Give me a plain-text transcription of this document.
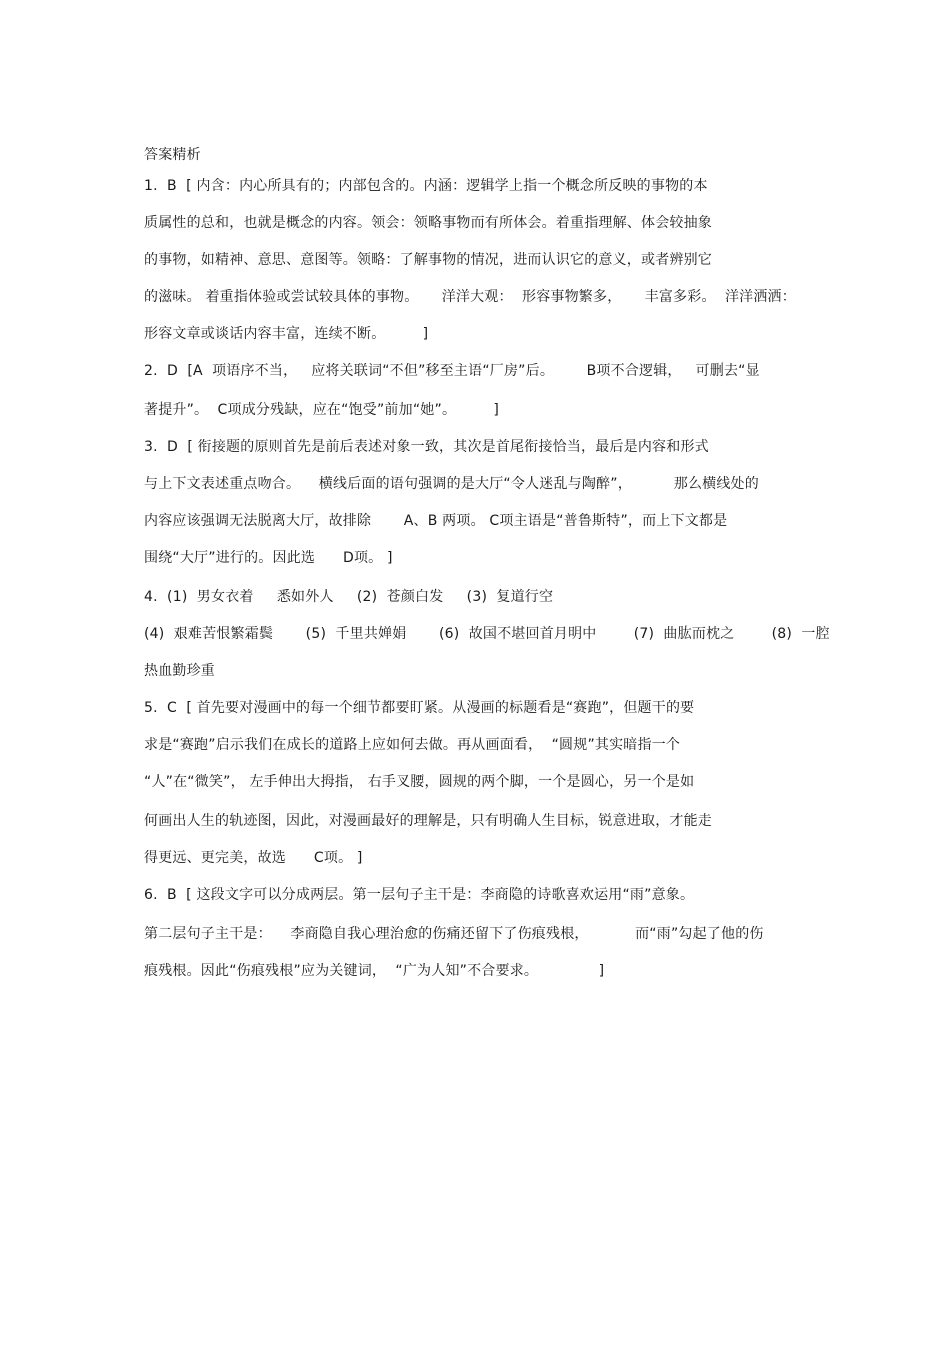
答案精析
1.  B  [ 内含：内心所具有的；内部包含的。内涵：逻辑学上指一个概念所反映的事物的本
质属性的总和，也就是概念的内容。领会：领略事物而有所体会。着重指理解、体会较抽象
的事物，如精神、意思、意图等。领略：了解事物的情况，进而认识它的意义，或者辨别它
的滋味。 着重指体验或尝试较具体的事物。     洋洋大观：  形容事物繁多，     丰富多彩。  洋洋洒洒：
形容文章或谈话内容丰富，连续不断。        ]
2.  D  [A  项语序不当，   应将关联词“不但”移至主语“厂房”后。       B项不合逻辑，   可删去“显
著提升”。  C项成分残缺，应在“饱受”前加“她”。        ]
3.  D  [ 衔接题的原则首先是前后表述对象一致，其次是首尾衔接恰当，最后是内容和形式
与上下文表述重点吻合。    横线后面的语句强调的是大厅“令人迷乱与陶醉”，         那么横线处的
内容应该强调无法脱离大厅，故排除       A、B 两项。 C项主语是“普鲁斯特”，而上下文都是
围绕“大厅”进行的。因此选      D项。 ]
4.  (1)  男女衣着     悉如外人     (2)  苍颜白发     (3)  复道行空
(4)  艰难苦恨繁霜鬓       (5)  千里共婵娟       (6)  故国不堪回首月明中        (7)  曲肱而枕之        (8)  一腔
热血勤珍重
5.  C  [ 首先要对漫画中的每一个细节都要盯紧。从漫画的标题看是“赛跑”，但题干的要
求是“赛跑”启示我们在成长的道路上应如何去做。再从画面看，  “圆规”其实暗指一个
“人”在“微笑”， 左手伸出大拇指， 右手叉腰，圆规的两个脚，一个是圆心，另一个是如
何画出人生的轨迹图，因此，对漫画最好的理解是，只有明确人生目标，锐意进取，才能走
得更远、更完美，故选      C项。 ]
6.  B  [ 这段文字可以分成两层。第一层句子主干是：李商隐的诗歌喜欢运用“雨”意象。
第二层句子主干是：    李商隐自我心理治愈的伤痛还留下了伤痕残根，          而“雨”勾起了他的伤
痕残根。因此“伤痕残根”应为关键词，  “广为人知”不合要求。             ]
